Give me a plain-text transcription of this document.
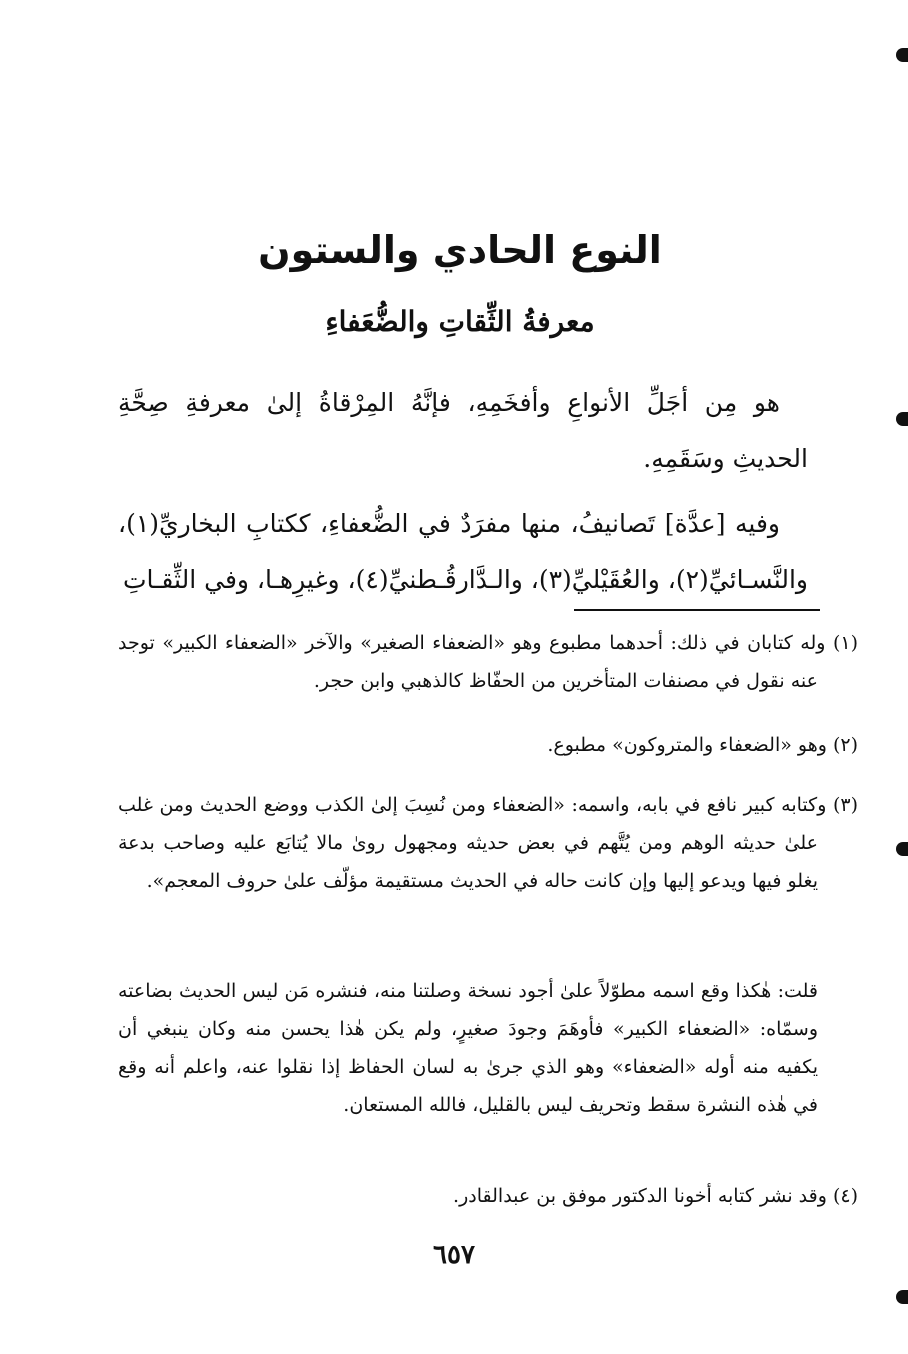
النوع الحادي والستون
معرفةُ الثِّقاتِ والضُّعَفاءِ
هو مِن أجَلِّ الأنواعِ وأفخَمِهِ، فإنَّهُ المِرْقاةُ إلىٰ معرفةِ صِحَّةِ الحديثِ وسَقَمِهِ.
وفيه [عدَّة] تَصانيفُ، منها مفرَدٌ في الضُّعفاءِ، ككتابِ البخاريِّ(١)، والنَّسـائيِّ(٢)، والعُقَيْليِّ(٣)، والـدَّارقُـطنيِّ(٤)، وغيرِهـا، وفي الثِّقـاتِ
(١) وله كتابان في ذلك: أحدهما مطبوع وهو «الضعفاء الصغير» والآخر «الضعفاء الكبير» توجد عنه نقول في مصنفات المتأخرين من الحفّاظ كالذهبي وابن حجر.
(٢) وهو «الضعفاء والمتروكون» مطبوع.
(٣) وكتابه كبير نافع في بابه، واسمه: «الضعفاء ومن نُسِبَ إلىٰ الكذب ووضع الحديث ومن غلب علىٰ حديثه الوهم ومن يُتَّهم في بعض حديثه ومجهول روىٰ مالا يُتابَع عليه وصاحب بدعة يغلو فيها ويدعو إليها وإن كانت حاله في الحديث مستقيمة مؤلّف علىٰ حروف المعجم».
قلت: هٰكذا وقع اسمه مطوّلاً علىٰ أجود نسخة وصلتنا منه، فنشره مَن ليس الحديث بضاعته وسمّاه: «الضعفاء الكبير» فأوهَمَ وجودَ صغيرٍ، ولم يكن هٰذا يحسن منه وكان ينبغي أن يكفيه منه أوله «الضعفاء» وهو الذي جرىٰ به لسان الحفاظ إذا نقلوا عنه، واعلم أنه وقع في هٰذه النشرة سقط وتحريف ليس بالقليل، فالله المستعان.
(٤) وقد نشر كتابه أخونا الدكتور موفق بن عبدالقادر.
٦٥٧
